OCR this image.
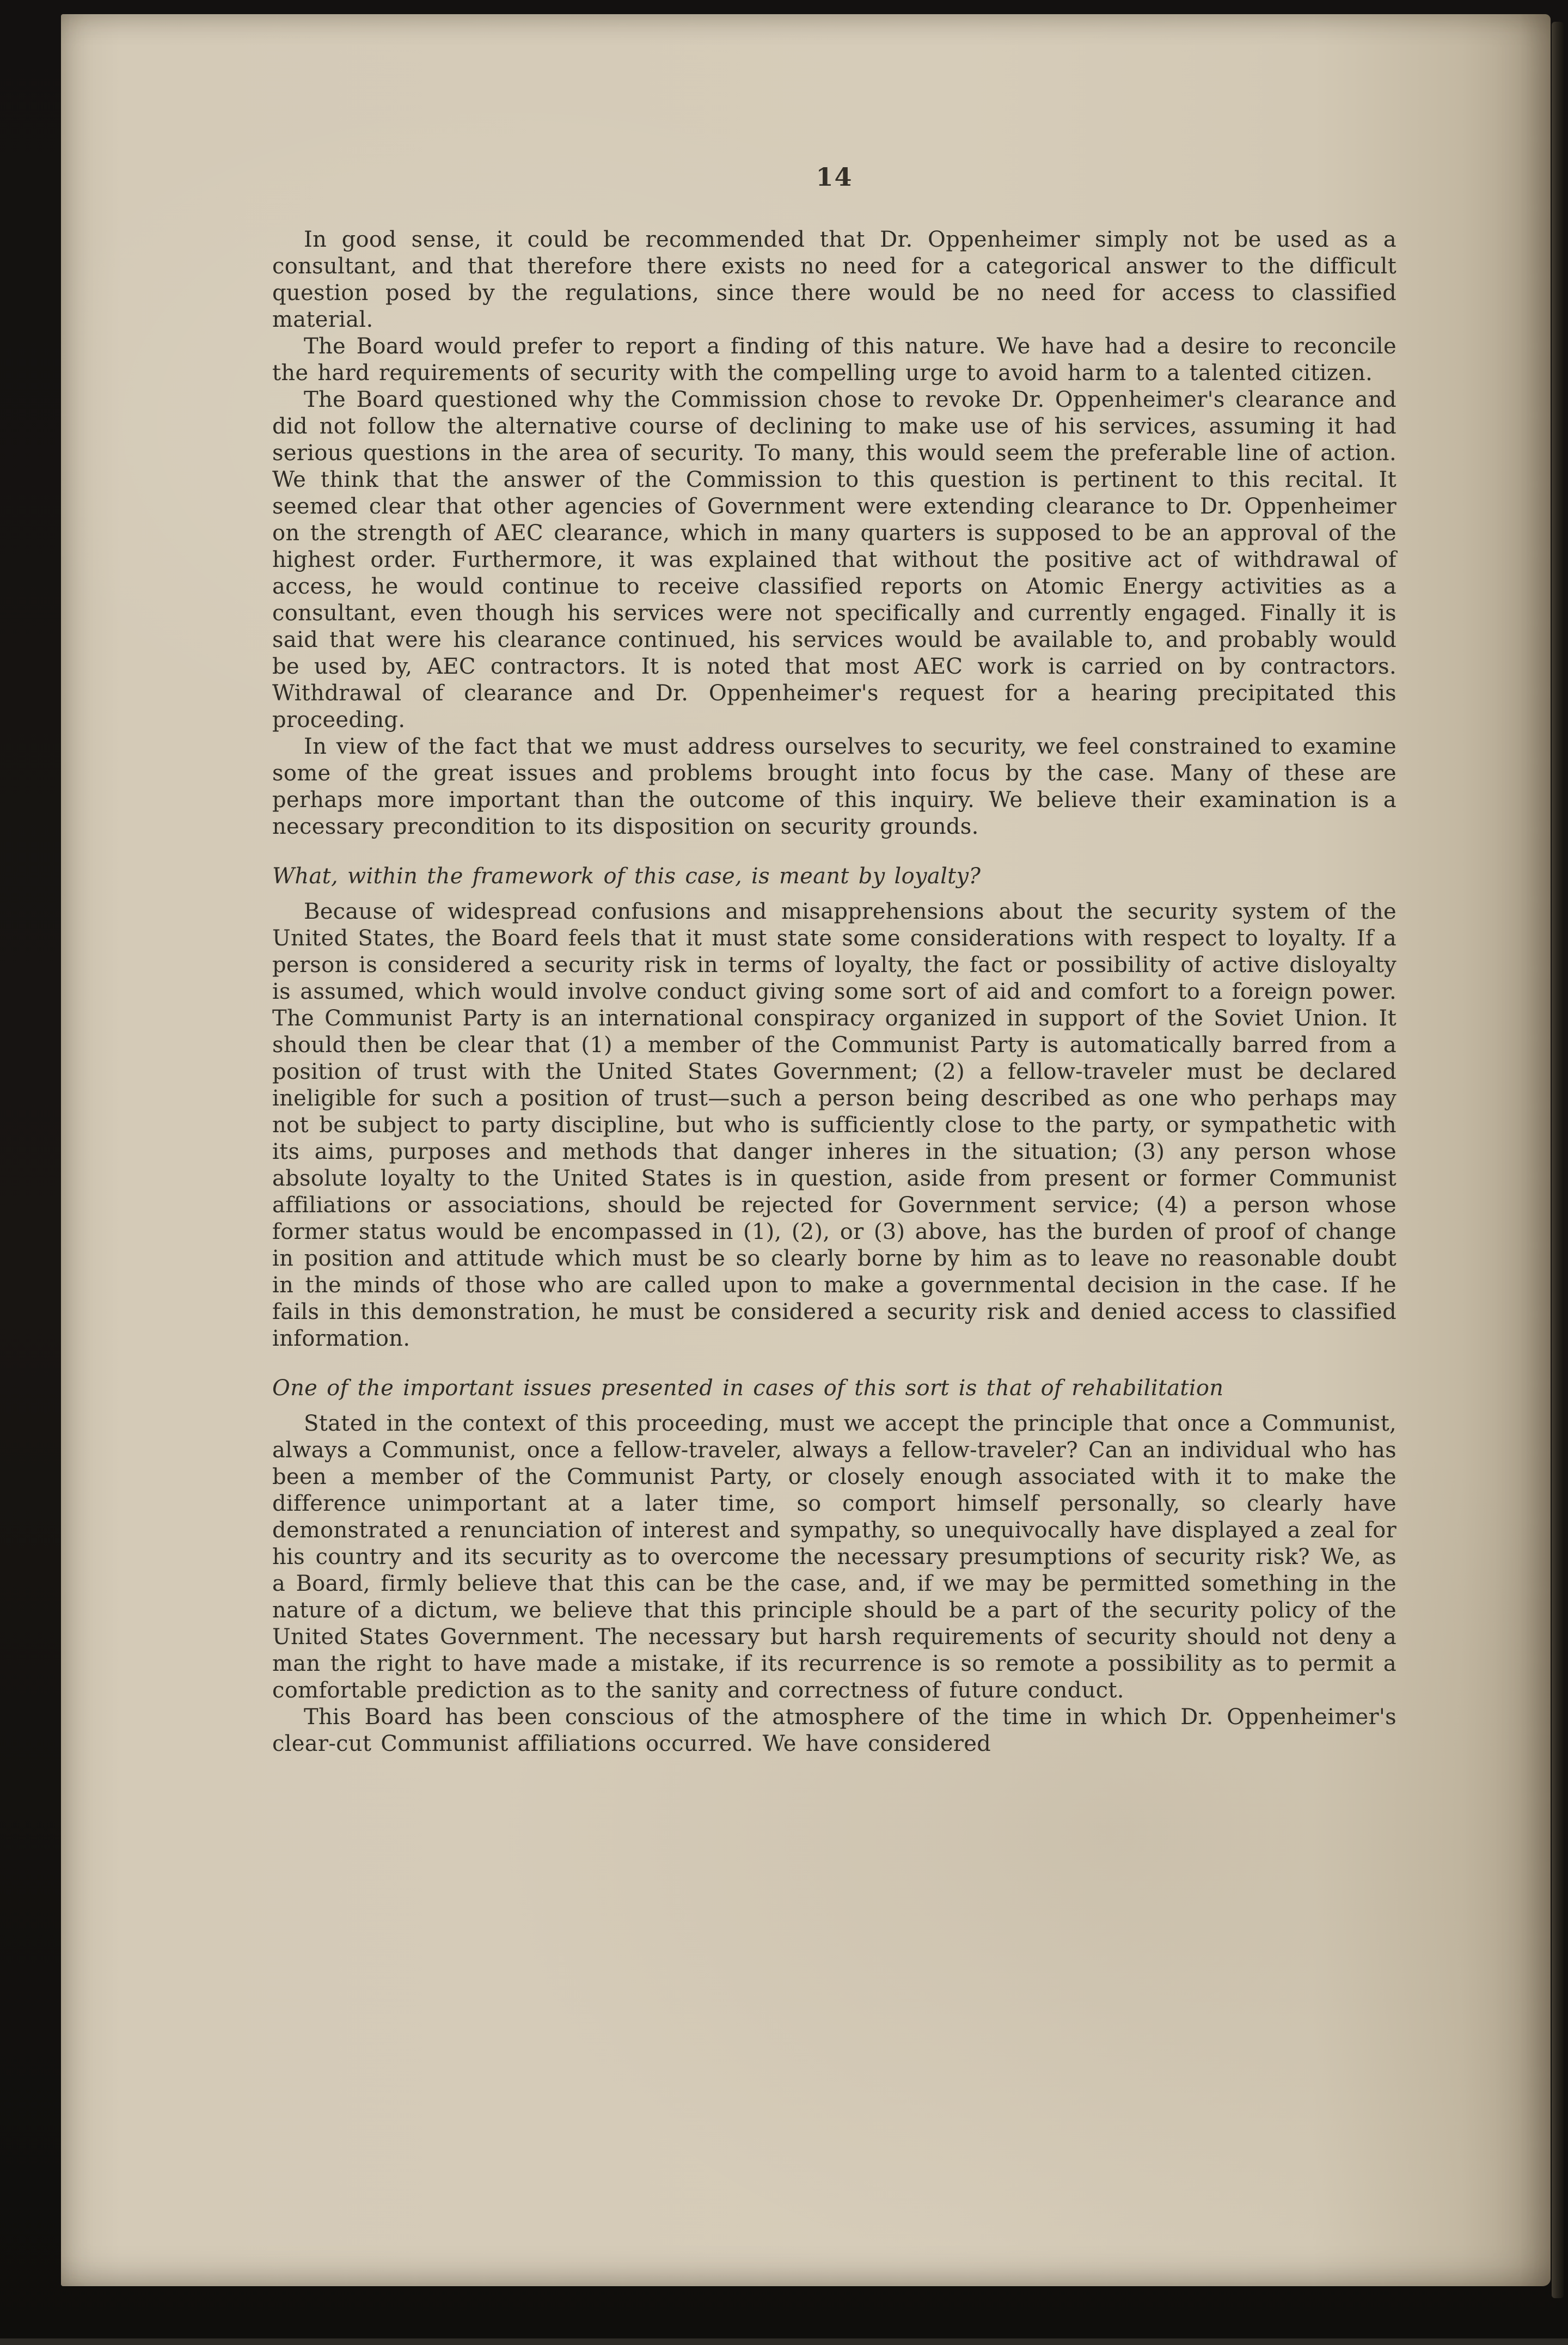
14

In good sense, it could be recommended that Dr. Oppenheimer simply not be used as a consultant, and that therefore there exists no need for a categorical answer to the difficult question posed by the regulations, since there would be no need for access to classified material.

The Board would prefer to report a finding of this nature. We have had a desire to reconcile the hard requirements of security with the compelling urge to avoid harm to a talented citizen.

The Board questioned why the Commission chose to revoke Dr. Oppenheimer's clearance and did not follow the alternative course of declining to make use of his services, assuming it had serious questions in the area of security. To many, this would seem the preferable line of action. We think that the answer of the Commission to this question is pertinent to this recital. It seemed clear that other agencies of Government were extending clearance to Dr. Oppenheimer on the strength of AEC clearance, which in many quarters is supposed to be an approval of the highest order. Furthermore, it was explained that without the positive act of withdrawal of access, he would continue to receive classified reports on Atomic Energy activities as a consultant, even though his services were not specifically and currently engaged. Finally it is said that were his clearance continued, his services would be available to, and probably would be used by, AEC contractors. It is noted that most AEC work is carried on by contractors. Withdrawal of clearance and Dr. Oppenheimer's request for a hearing precipitated this proceeding.

In view of the fact that we must address ourselves to security, we feel constrained to examine some of the great issues and problems brought into focus by the case. Many of these are perhaps more important than the outcome of this inquiry. We believe their examination is a necessary precondition to its disposition on security grounds.

What, within the framework of this case, is meant by loyalty?

Because of widespread confusions and misapprehensions about the security system of the United States, the Board feels that it must state some considerations with respect to loyalty. If a person is considered a security risk in terms of loyalty, the fact or possibility of active disloyalty is assumed, which would involve conduct giving some sort of aid and comfort to a foreign power. The Communist Party is an international conspiracy organized in support of the Soviet Union. It should then be clear that (1) a member of the Communist Party is automatically barred from a position of trust with the United States Government; (2) a fellow-traveler must be declared ineligible for such a position of trust—such a person being described as one who perhaps may not be subject to party discipline, but who is sufficiently close to the party, or sympathetic with its aims, purposes and methods that danger inheres in the situation; (3) any person whose absolute loyalty to the United States is in question, aside from present or former Communist affiliations or associations, should be rejected for Government service; (4) a person whose former status would be encompassed in (1), (2), or (3) above, has the burden of proof of change in position and attitude which must be so clearly borne by him as to leave no reasonable doubt in the minds of those who are called upon to make a governmental decision in the case. If he fails in this demonstration, he must be considered a security risk and denied access to classified information.

One of the important issues presented in cases of this sort is that of rehabilitation

Stated in the context of this proceeding, must we accept the principle that once a Communist, always a Communist, once a fellow-traveler, always a fellow-traveler? Can an individual who has been a member of the Communist Party, or closely enough associated with it to make the difference unimportant at a later time, so comport himself personally, so clearly have demonstrated a renunciation of interest and sympathy, so unequivocally have displayed a zeal for his country and its security as to overcome the necessary presumptions of security risk? We, as a Board, firmly believe that this can be the case, and, if we may be permitted something in the nature of a dictum, we believe that this principle should be a part of the security policy of the United States Government. The necessary but harsh requirements of security should not deny a man the right to have made a mistake, if its recurrence is so remote a possibility as to permit a comfortable prediction as to the sanity and correctness of future conduct.

This Board has been conscious of the atmosphere of the time in which Dr. Oppenheimer's clear-cut Communist affiliations occurred. We have considered
